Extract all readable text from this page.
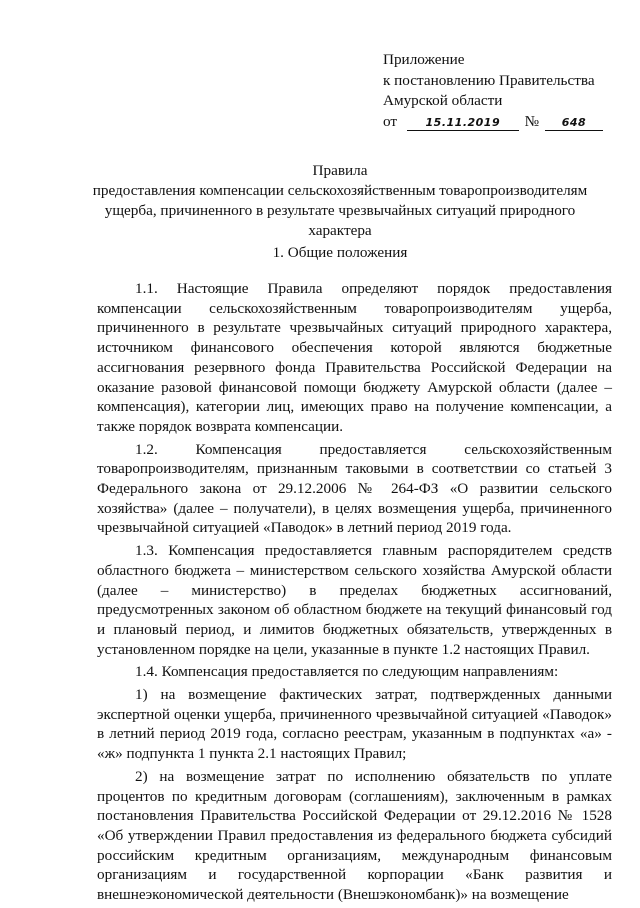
Приложение
к постановлению Правительства
Амурской области
от	15.11.2019 № 648
Правила
предоставления компенсации сельскохозяйственным товаропроизводителям ущерба, причиненного в результате чрезвычайных ситуаций природного характера
1. Общие положения

1.1. Настоящие Правила определяют порядок предоставления компенсации сельскохозяйственным товаропроизводителям ущерба, причиненного в результате чрезвычайных ситуаций природного характера, источником финансового обеспечения которой являются бюджетные ассигнования резервного фонда Правительства Российской Федерации на оказание разовой финансовой помощи бюджету Амурской области (далее – компенсация), категории лиц, имеющих право на получение компенсации, а также порядок возврата компенсации.

1.2. Компенсация предоставляется сельскохозяйственным товаропроизводителям, признанным таковыми в соответствии со статьей 3 Федерального закона от 29.12.2006 № 264-ФЗ «О развитии сельского хозяйства» (далее – получатели), в целях возмещения ущерба, причиненного чрезвычайной ситуацией «Паводок» в летний период 2019 года.

1.3. Компенсация предоставляется главным распорядителем средств областного бюджета – министерством сельского хозяйства Амурской области (далее – министерство) в пределах бюджетных ассигнований, предусмотренных законом об областном бюджете на текущий финансовый год и плановый период, и лимитов бюджетных обязательств, утвержденных в установленном порядке на цели, указанные в пункте 1.2 настоящих Правил.

1.4. Компенсация предоставляется по следующим направлениям:

1) на возмещение фактических затрат, подтвержденных данными экспертной оценки ущерба, причиненного чрезвычайной ситуацией «Паводок» в летний период 2019 года, согласно реестрам, указанным в подпунктах «а» - «ж» подпункта 1 пункта 2.1 настоящих Правил;

2) на возмещение затрат по исполнению обязательств по уплате процентов по кредитным договорам (соглашениям), заключенным в рамках постановления Правительства Российской Федерации от 29.12.2016 № 1528 «Об утверждении Правил предоставления из федерального бюджета субсидий российским кредитным организациям, международным финансовым организациям и государственной корпорации «Банк развития и внешнеэкономической деятельности (Внешэкономбанк)» на возмещение
